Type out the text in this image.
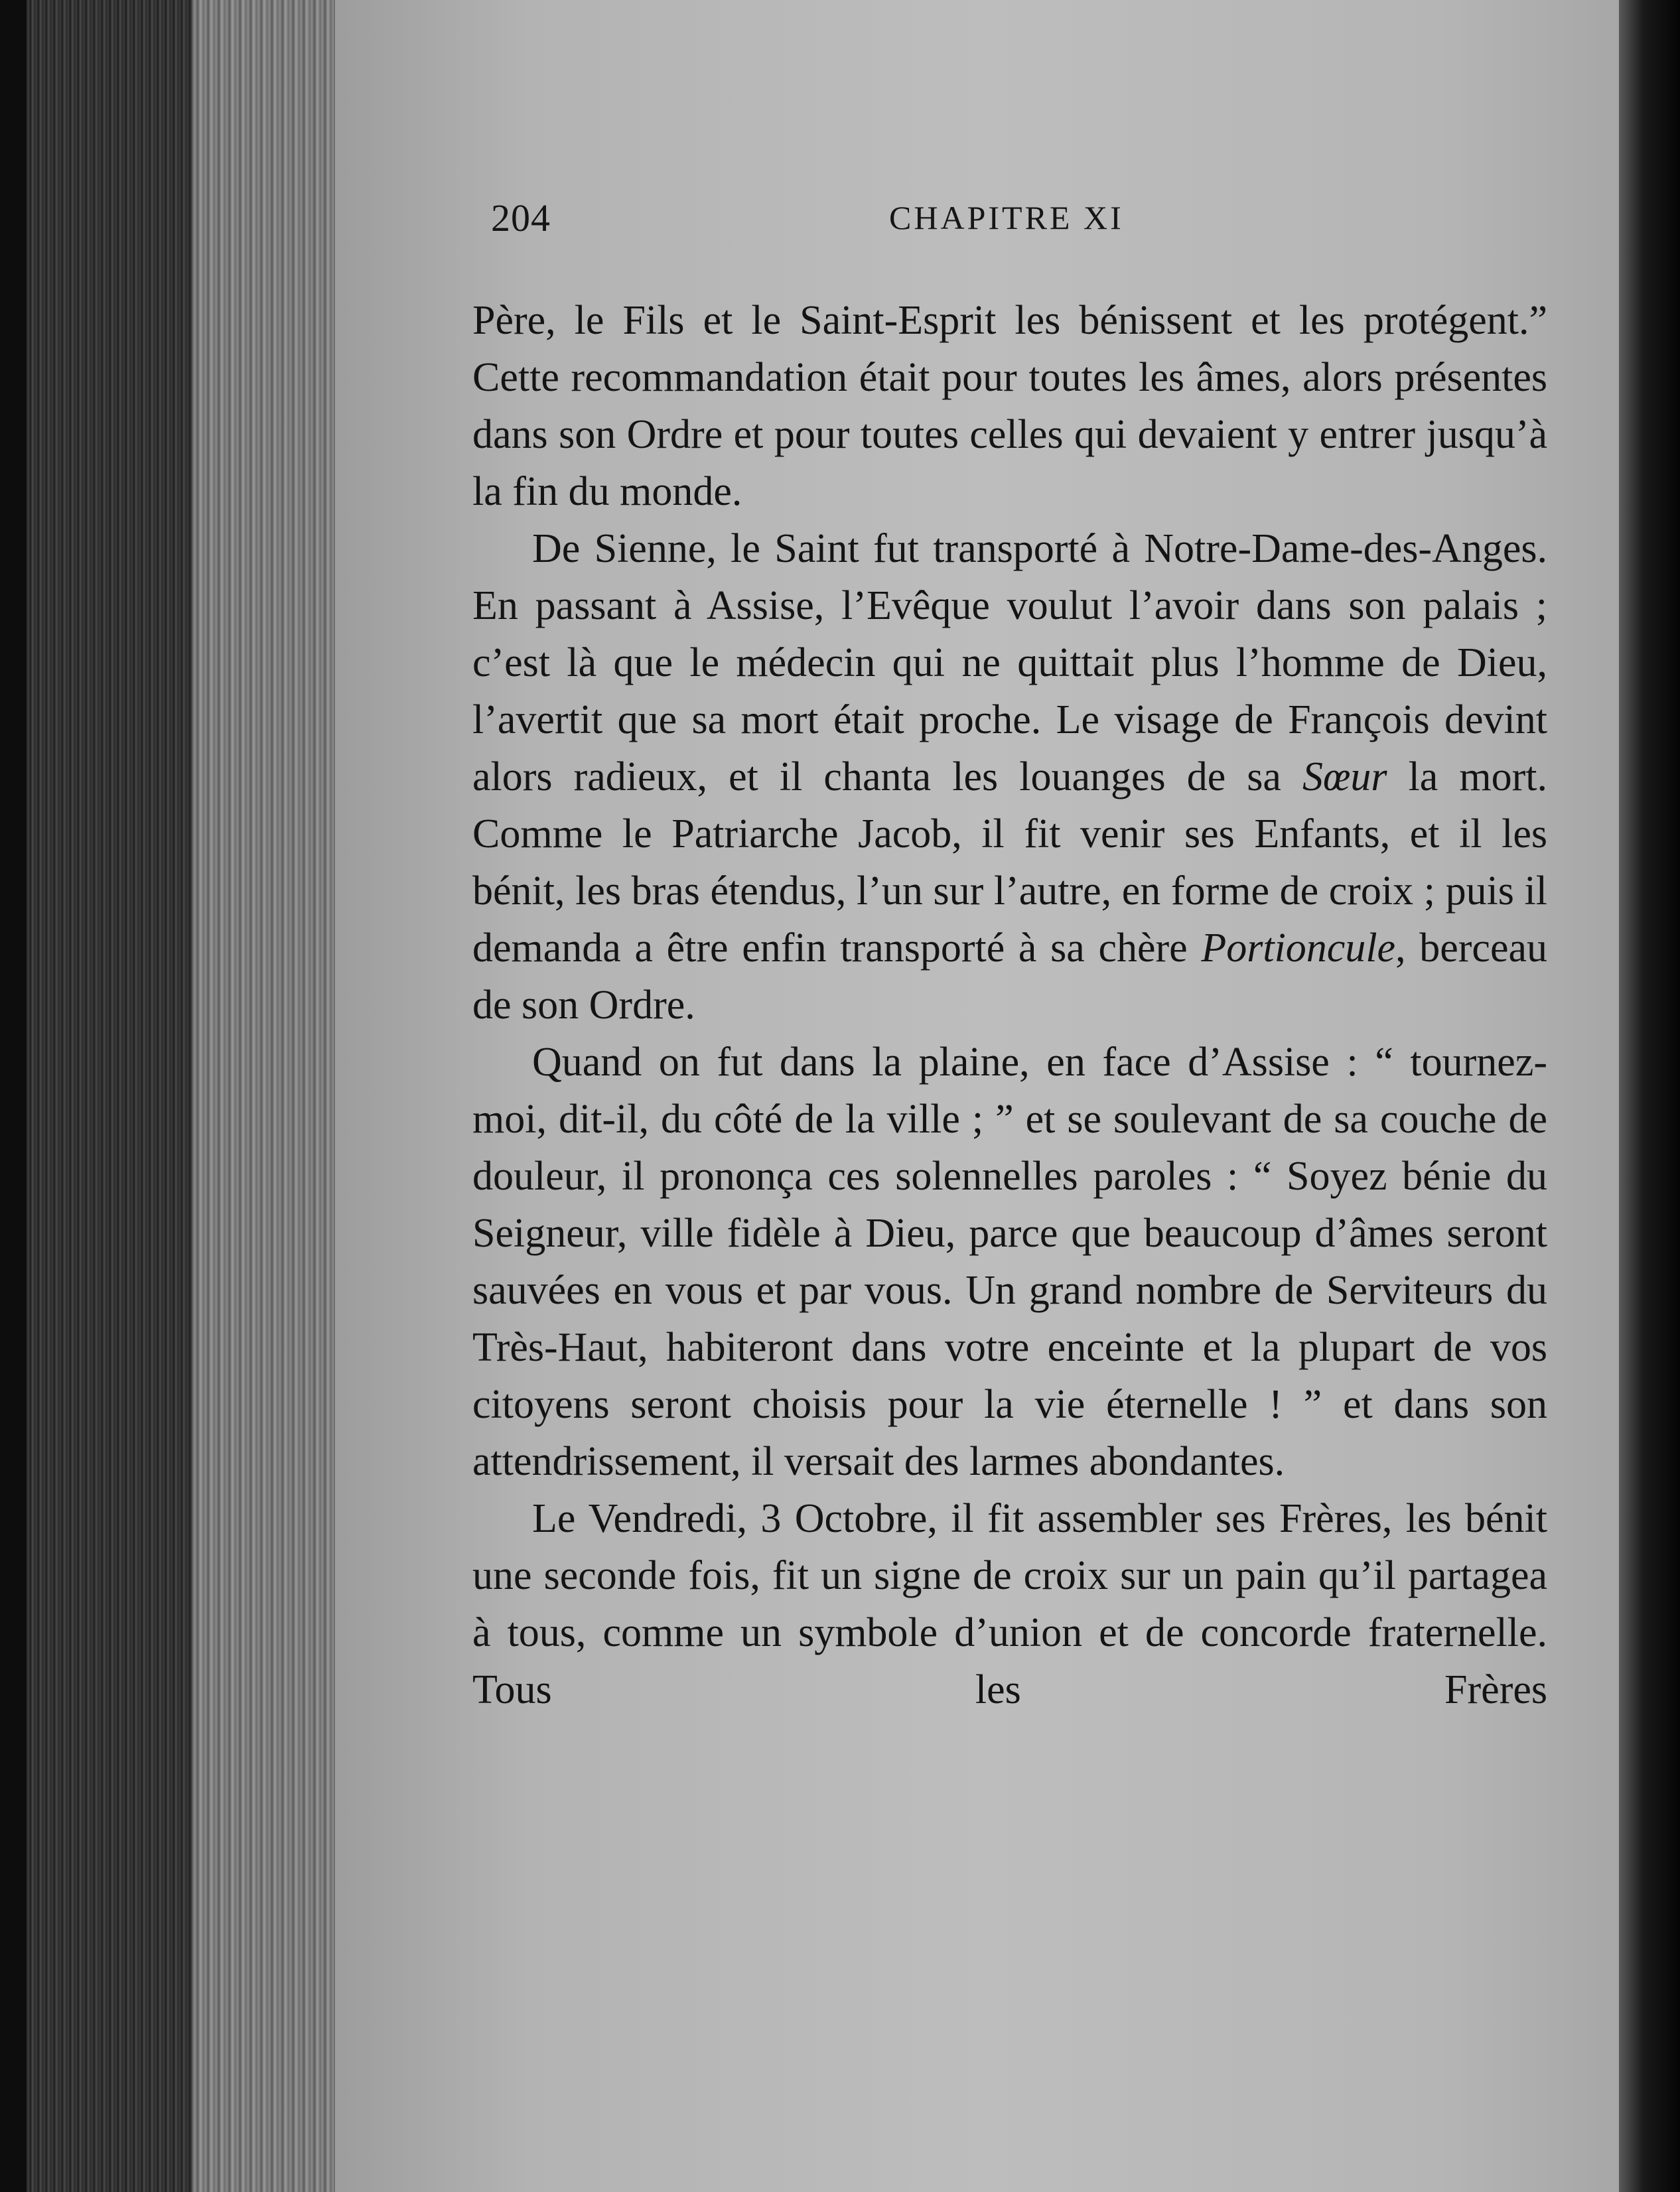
204	CHAPITRE XI

Père, le Fils et le Saint-Esprit les bénissent et les protégent.” Cette recommandation était pour toutes les âmes, alors présentes dans son Ordre et pour toutes celles qui devaient y entrer jusqu’à la fin du monde.

De Sienne, le Saint fut transporté à Notre-Dame-des-Anges. En passant à Assise, l’Evêque voulut l’avoir dans son palais ; c’est là que le médecin qui ne quittait plus l’homme de Dieu, l’avertit que sa mort était proche. Le visage de François devint alors radieux, et il chanta les louanges de sa Sœur la mort. Comme le Patriarche Jacob, il fit venir ses Enfants, et il les bénit, les bras étendus, l’un sur l’autre, en forme de croix ; puis il demanda a être enfin transporté à sa chère Portioncule, berceau de son Ordre.

Quand on fut dans la plaine, en face d’Assise : “ tournez-moi, dit-il, du côté de la ville ; ” et se soulevant de sa couche de douleur, il prononça ces solennelles paroles : “ Soyez bénie du Seigneur, ville fidèle à Dieu, parce que beaucoup d’âmes seront sauvées en vous et par vous. Un grand nombre de Serviteurs du Très-Haut, habiteront dans votre enceinte et la plupart de vos citoyens seront choisis pour la vie éternelle ! ” et dans son attendrissement, il versait des larmes abondantes.

Le Vendredi, 3 Octobre, il fit assembler ses Frères, les bénit une seconde fois, fit un signe de croix sur un pain qu’il partagea à tous, comme un symbole d’union et de concorde fraternelle. Tous les Frères
